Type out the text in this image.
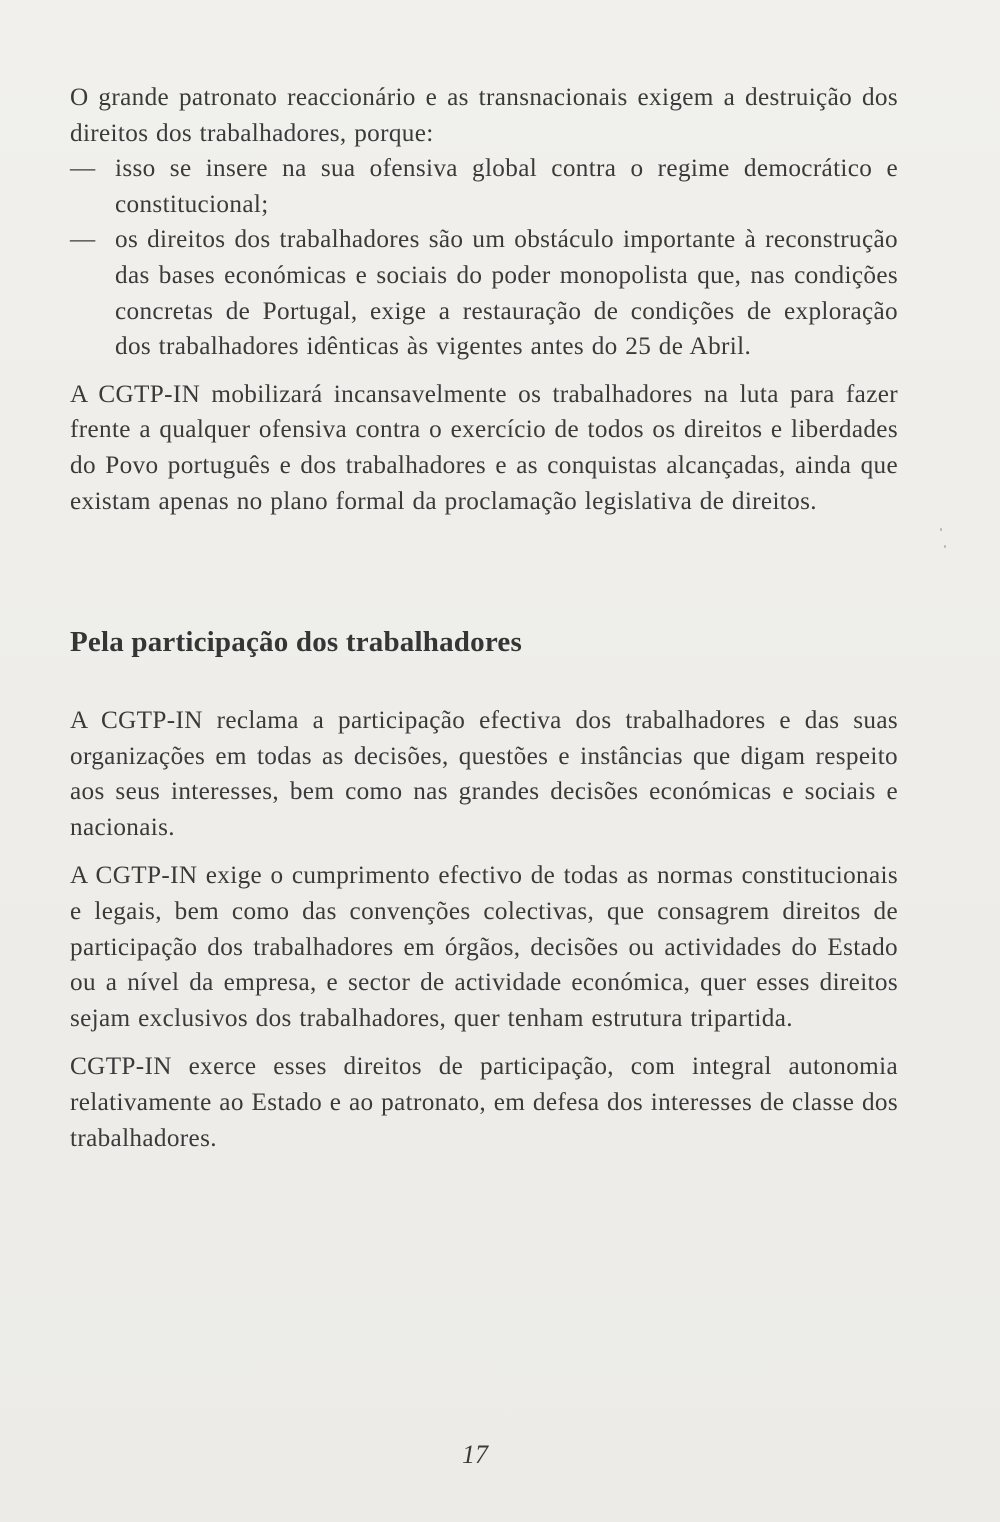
O grande patronato reaccionário e as transnacionais exigem a destruição dos direitos dos trabalhadores, porque:

— isso se insere na sua ofensiva global contra o regime democrático e constitucional;

— os direitos dos trabalhadores são um obstáculo importante à reconstrução das bases económicas e sociais do poder monopolista que, nas condições concretas de Portugal, exige a restauração de condições de exploração dos trabalhadores idênticas às vigentes antes do 25 de Abril.

A CGTP-IN mobilizará incansavelmente os trabalhadores na luta para fazer frente a qualquer ofensiva contra o exercício de todos os direitos e liberdades do Povo português e dos trabalhadores e as conquistas alcançadas, ainda que existam apenas no plano formal da proclamação legislativa de direitos.

Pela participação dos trabalhadores

A CGTP-IN reclama a participação efectiva dos trabalhadores e das suas organizações em todas as decisões, questões e instâncias que digam respeito aos seus interesses, bem como nas grandes decisões económicas e sociais e nacionais.

A CGTP-IN exige o cumprimento efectivo de todas as normas constitucionais e legais, bem como das convenções colectivas, que consagrem direitos de participação dos trabalhadores em órgãos, decisões ou actividades do Estado ou a nível da empresa, e sector de actividade económica, quer esses direitos sejam exclusivos dos trabalhadores, quer tenham estrutura tripartida.

CGTP-IN exerce esses direitos de participação, com integral autonomia relativamente ao Estado e ao patronato, em defesa dos interesses de classe dos trabalhadores.

17
